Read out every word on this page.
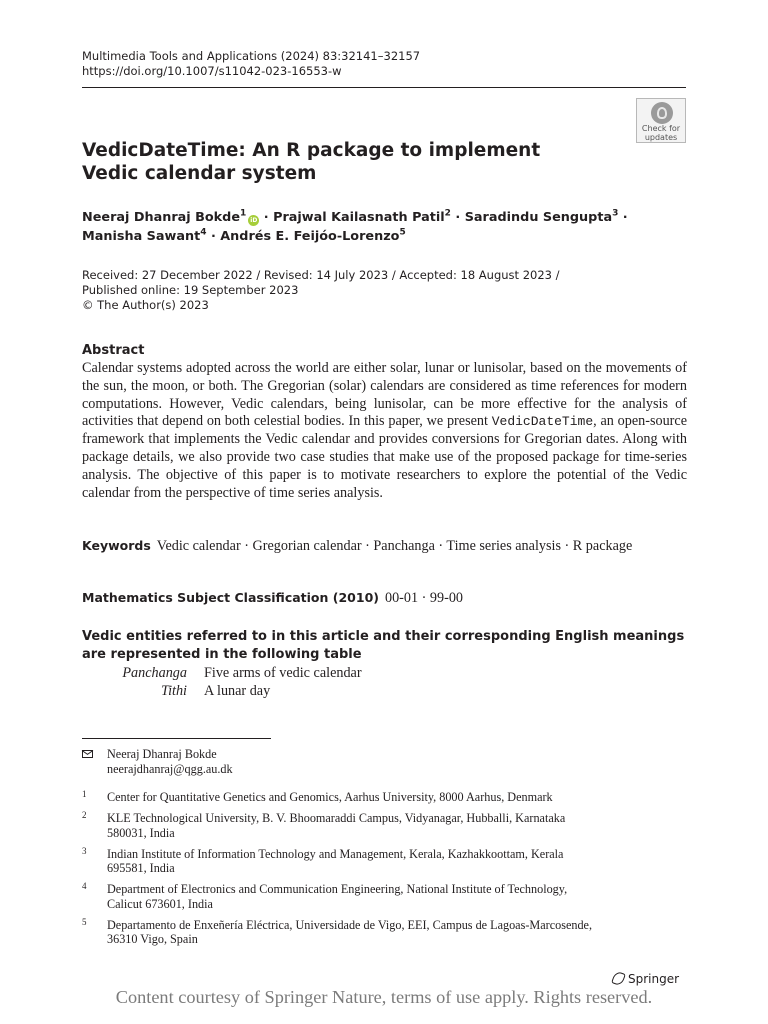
Multimedia Tools and Applications (2024) 83:32141–32157
https://doi.org/10.1007/s11042-023-16553-w
Check for
updates
VedicDateTime: An R package to implement Vedic calendar system
Neeraj Dhanraj Bokde$^1$iD · Prajwal Kailasnath Patil$^2$ · Saradindu Sengupta$^3$ ·
Manisha Sawant$^4$ · Andrés E. Feijóo-Lorenzo$^5$
Received: 27 December 2022 / Revised: 14 July 2023 / Accepted: 18 August 2023 /
Published online: 19 September 2023
© The Author(s) 2023
Abstract
Calendar systems adopted across the world are either solar, lunar or lunisolar, based on the movements of the sun, the moon, or both. The Gregorian (solar) calendars are considered as time references for modern computations. However, Vedic calendars, being lunisolar, can be more effective for the analysis of activities that depend on both celestial bodies. In this paper, we present VedicDateTime, an open-source framework that implements the Vedic calendar and provides conversions for Gregorian dates. Along with package details, we also provide two case studies that make use of the proposed package for time-series analysis. The objective of this paper is to motivate researchers to explore the potential of the Vedic calendar from the perspective of time series analysis.
Keywords Vedic calendar · Gregorian calendar · Panchanga · Time series analysis · R package
Mathematics Subject Classification (2010) 00-01 · 99-00
Vedic entities referred to in this article and their corresponding English meanings are represented in the following table
Panchanga	Five arms of vedic calendar
Tithi	A lunar day
Neeraj Dhanraj Bokde
neerajdhanraj@qgg.au.dk
1 Center for Quantitative Genetics and Genomics, Aarhus University, 8000 Aarhus, Denmark
2 KLE Technological University, B. V. Bhoomaraddi Campus, Vidyanagar, Hubballi, Karnataka
580031, India
3 Indian Institute of Information Technology and Management, Kerala, Kazhakkoottam, Kerala
695581, India
4 Department of Electronics and Communication Engineering, National Institute of Technology,
Calicut 673601, India
5 Departamento de Enxeñería Eléctrica, Universidade de Vigo, EEI, Campus de Lagoas-Marcosende,
36310 Vigo, Spain
Springer
Content courtesy of Springer Nature, terms of use apply. Rights reserved.
